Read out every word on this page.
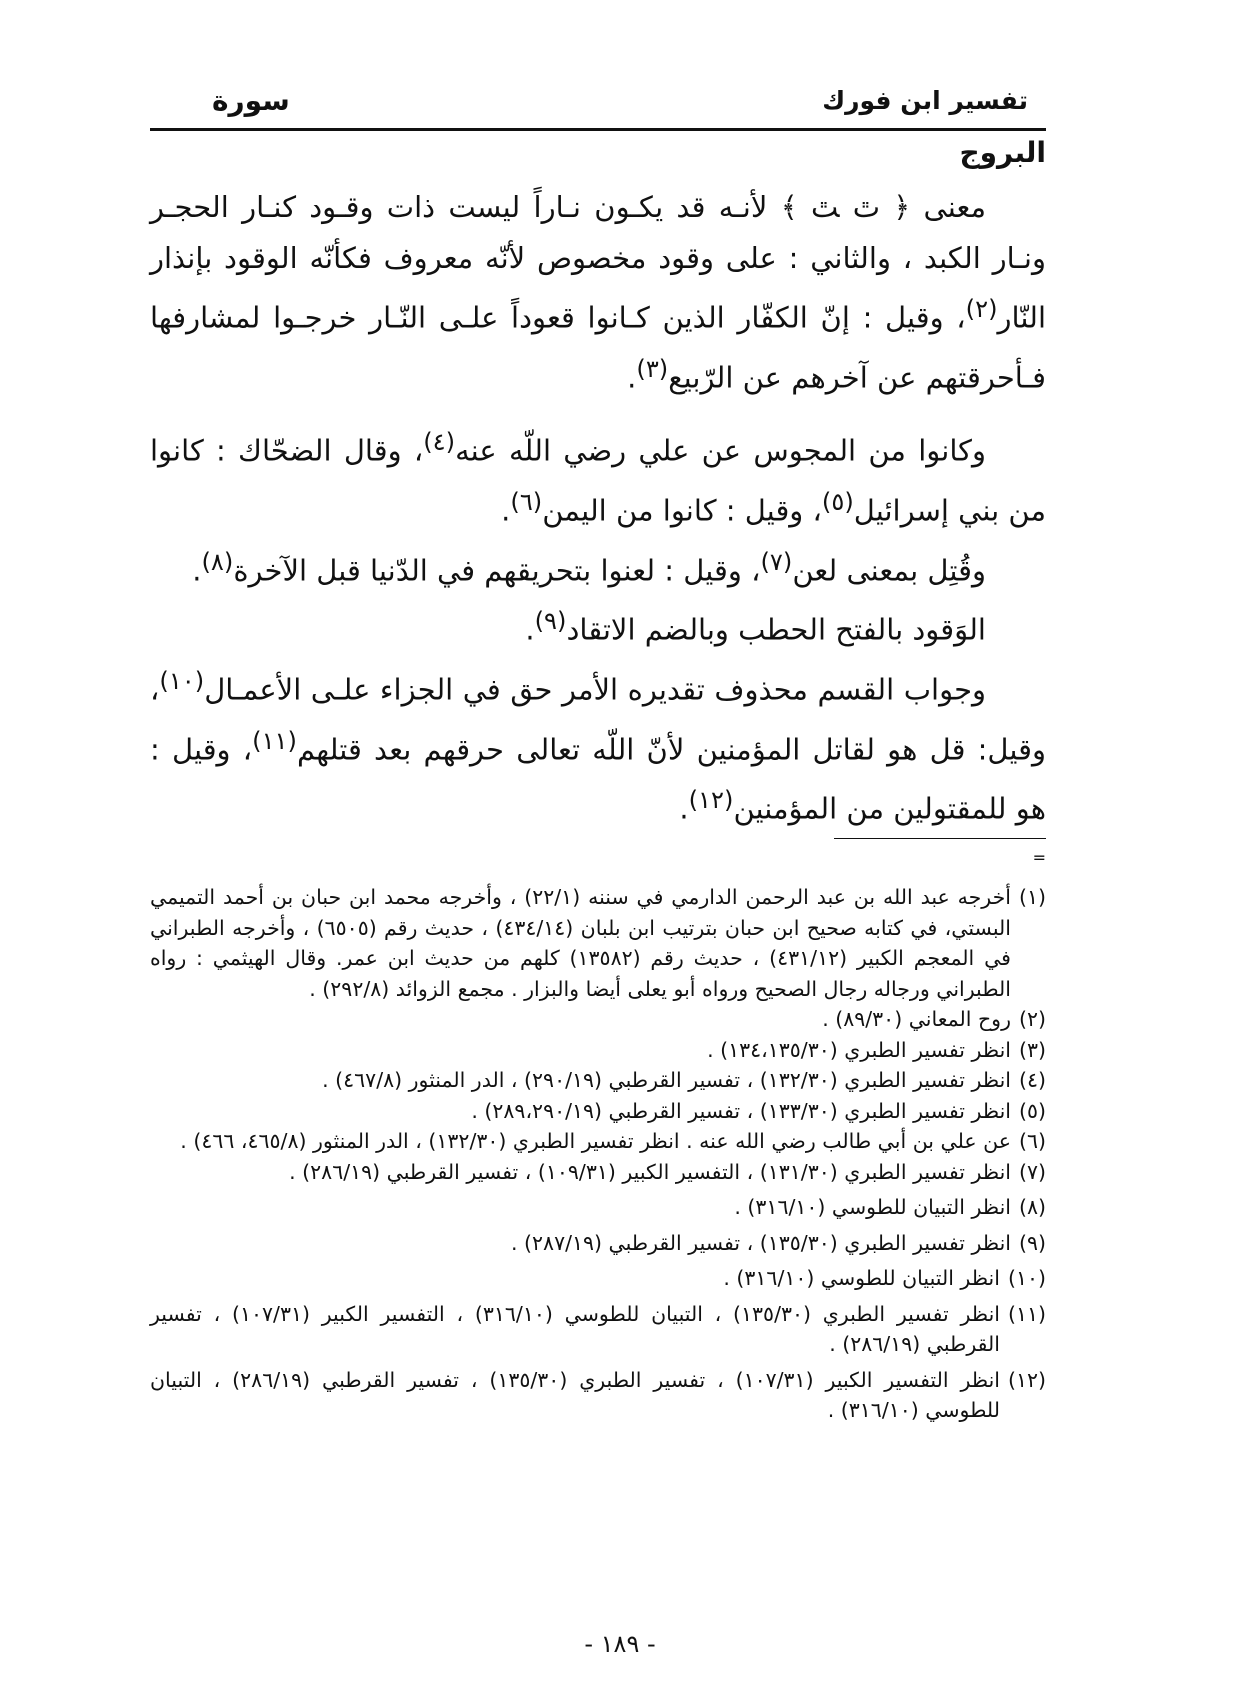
تفسير ابن فورك
سورة
البروج

معنى ﴿ ﭢ ﭣ ﴾ لأنـه قد يكـون نـاراً ليست ذات وقـود كنـار الحجـر ونـار الكبد ، والثاني : على وقود مخصوص لأنّه معروف فكأنّه الوقود بإنذار النّار$^{(٢)}$، وقيل : إنّ الكفّار الذين كـانوا قعوداً علـى النّـار خرجـوا لمشارفها فـأحرقتهم عن آخرهم عن الرّبيع$^{(٣)}$.

وكانوا من المجوس عن علي رضي اللّه عنه$^{(٤)}$، وقال الضحّاك : كانوا من بني إسرائيل$^{(٥)}$، وقيل : كانوا من اليمن$^{(٦)}$.

وقُتِل بمعنى لعن$^{(٧)}$، وقيل : لعنوا بتحريقهم في الدّنيا قبل الآخرة$^{(٨)}$.

الوَقود بالفتح الحطب وبالضم الاتقاد$^{(٩)}$.

وجواب القسم محذوف تقديره الأمر حق في الجزاء علـى الأعمـال$^{(١٠)}$، وقيل: قل هو لقاتل المؤمنين لأنّ اللّه تعالى حرقهم بعد قتلهم$^{(١١)}$، وقيل : هو للمقتولين من المؤمنين$^{(١٢)}$.

=
(١)
أخرجه عبد الله بن عبد الرحمن الدارمي في سننه (٢٢/١) ، وأخرجه محمد ابن حبان بن أحمد التميمي البستي، في كتابه صحيح ابن حبان بترتيب ابن بلبان (٤٣٤/١٤) ، حديث رقم (٦٥٠٥) ، وأخرجه الطبراني في المعجم الكبير (٤٣١/١٢) ، حديث رقم (١٣٥٨٢) كلهم من حديث ابن عمر. وقال الهيثمي : رواه الطبراني ورجاله رجال الصحيح ورواه أبو يعلى أيضا والبزار . مجمع الزوائد (٢٩٢/٨) .
(٢)
روح المعاني (٨٩/٣٠) .
(٣)
انظر تفسير الطبري (١٣٤،١٣٥/٣٠) .
(٤)
انظر تفسير الطبري (١٣٢/٣٠) ، تفسير القرطبي (٢٩٠/١٩) ، الدر المنثور (٤٦٧/٨) .
(٥)
انظر تفسير الطبري (١٣٣/٣٠) ، تفسير القرطبي (٢٨٩،٢٩٠/١٩) .
(٦)
عن علي بن أبي طالب رضي الله عنه . انظر تفسير الطبري (١٣٢/٣٠) ، الدر المنثور (٤٦٥/٨، ٤٦٦) .
(٧)
انظر تفسير الطبري (١٣١/٣٠) ، التفسير الكبير (١٠٩/٣١) ، تفسير القرطبي (٢٨٦/١٩) .
(٨)
انظر التبيان للطوسي (٣١٦/١٠) .
(٩)
انظر تفسير الطبري (١٣٥/٣٠) ، تفسير القرطبي (٢٨٧/١٩) .
(١٠)
انظر التبيان للطوسي (٣١٦/١٠) .
(١١)
انظر تفسير الطبري (١٣٥/٣٠) ، التبيان للطوسي (٣١٦/١٠) ، التفسير الكبير (١٠٧/٣١) ، تفسير القرطبي (٢٨٦/١٩) .
(١٢)
انظر التفسير الكبير (١٠٧/٣١) ، تفسير الطبري (١٣٥/٣٠) ، تفسير القرطبي (٢٨٦/١٩) ، التبيان للطوسي (٣١٦/١٠) .
- ١٨٩ -
